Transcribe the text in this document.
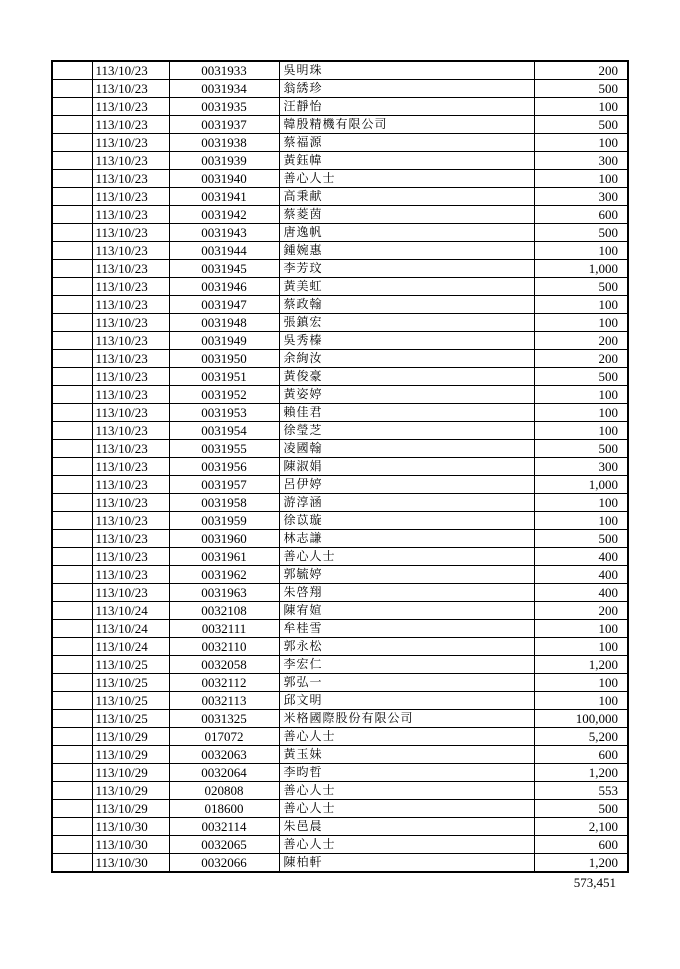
	113/10/23	0031933	吳明珠	200
	113/10/23	0031934	翁綉珍	500
	113/10/23	0031935	汪靜怡	100
	113/10/23	0031937	韓殷精機有限公司	500
	113/10/23	0031938	蔡福源	100
	113/10/23	0031939	黃鈺幃	300
	113/10/23	0031940	善心人士	100
	113/10/23	0031941	高秉献	300
	113/10/23	0031942	蔡菱茵	600
	113/10/23	0031943	唐逸帆	500
	113/10/23	0031944	鍾婉惠	100
	113/10/23	0031945	李芳玟	1,000
	113/10/23	0031946	黃美虹	500
	113/10/23	0031947	蔡政翰	100
	113/10/23	0031948	張鎮宏	100
	113/10/23	0031949	吳秀榛	200
	113/10/23	0031950	余絢汝	200
	113/10/23	0031951	黃俊豪	500
	113/10/23	0031952	黃姿婷	100
	113/10/23	0031953	賴佳君	100
	113/10/23	0031954	徐瑩芝	100
	113/10/23	0031955	凌國翰	500
	113/10/23	0031956	陳淑娟	300
	113/10/23	0031957	呂伊婷	1,000
	113/10/23	0031958	游淳涵	100
	113/10/23	0031959	徐苡璇	100
	113/10/23	0031960	林志謙	500
	113/10/23	0031961	善心人士	400
	113/10/23	0031962	郭毓婷	400
	113/10/23	0031963	朱啓翔	400
	113/10/24	0032108	陳宥媗	200
	113/10/24	0032111	牟桂雪	100
	113/10/24	0032110	郭永松	100
	113/10/25	0032058	李宏仁	1,200
	113/10/25	0032112	郭弘一	100
	113/10/25	0032113	邱文明	100
	113/10/25	0031325	米格國際股份有限公司	100,000
	113/10/29	017072	善心人士	5,200
	113/10/29	0032063	黃玉妹	600
	113/10/29	0032064	李昀哲	1,200
	113/10/29	020808	善心人士	553
	113/10/29	018600	善心人士	500
	113/10/30	0032114	朱邑晨	2,100
	113/10/30	0032065	善心人士	600
	113/10/30	0032066	陳柏軒	1,200
573,451
